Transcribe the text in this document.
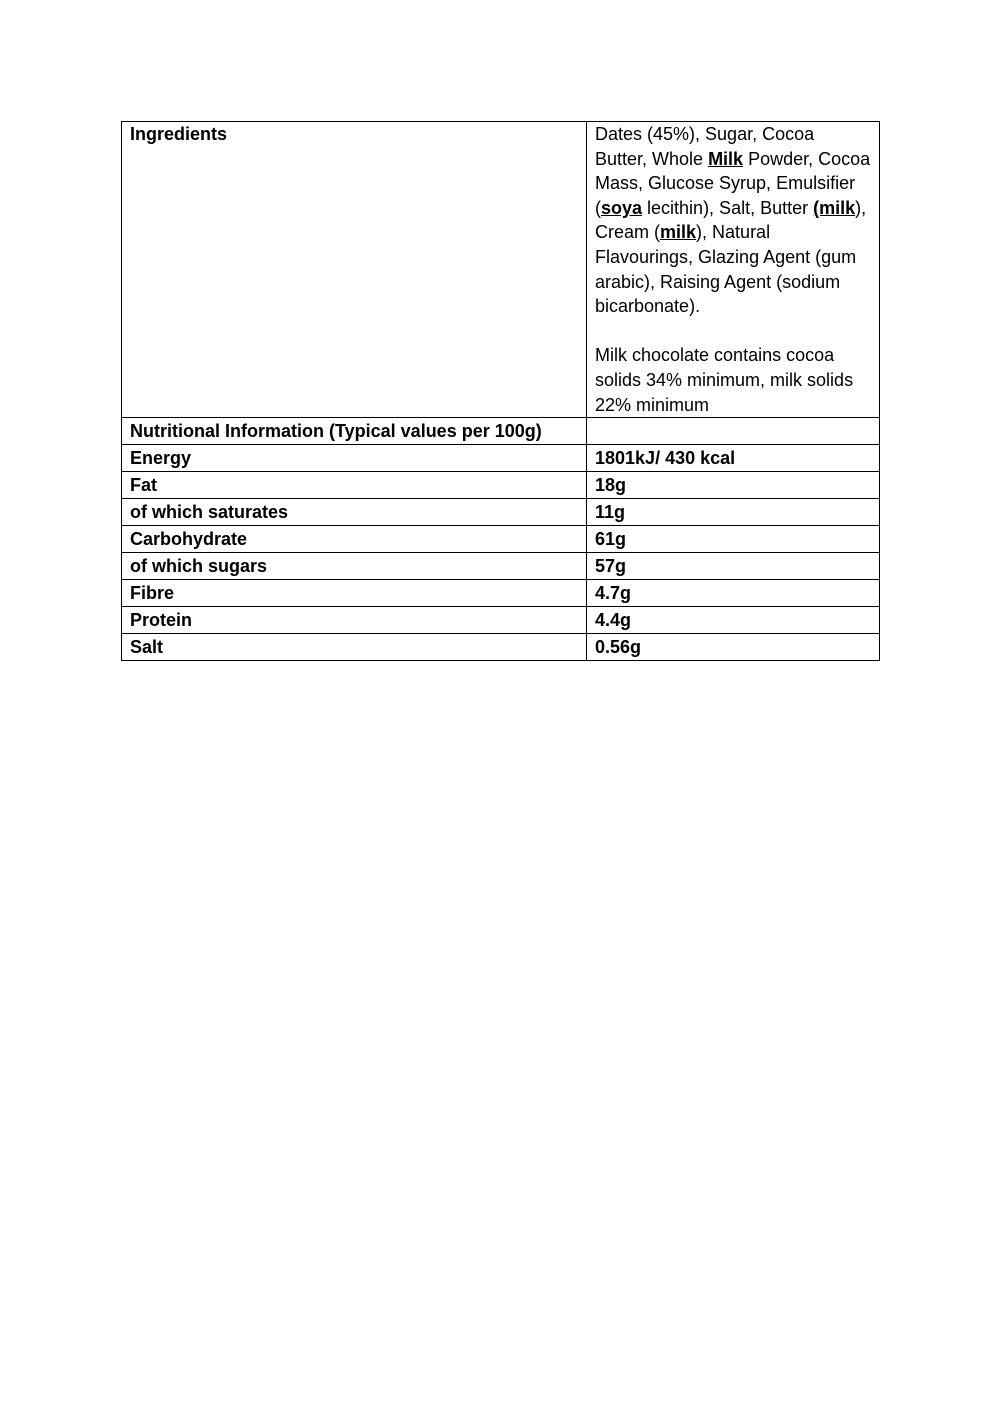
Ingredients	Dates (45%), Sugar, Cocoa Butter, Whole Milk Powder, Cocoa Mass, Glucose Syrup, Emulsifier (soya lecithin), Salt, Butter (milk), Cream (milk), Natural Flavourings, Glazing Agent (gum arabic), Raising Agent (sodium bicarbonate).

Milk chocolate contains cocoa solids 34% minimum, milk solids 22% minimum

Nutritional Information (Typical values per 100g)	
Energy	1801kJ/ 430 kcal
Fat	18g
of which saturates	11g
Carbohydrate	61g
of which sugars	57g
Fibre	4.7g
Protein	4.4g
Salt	0.56g
